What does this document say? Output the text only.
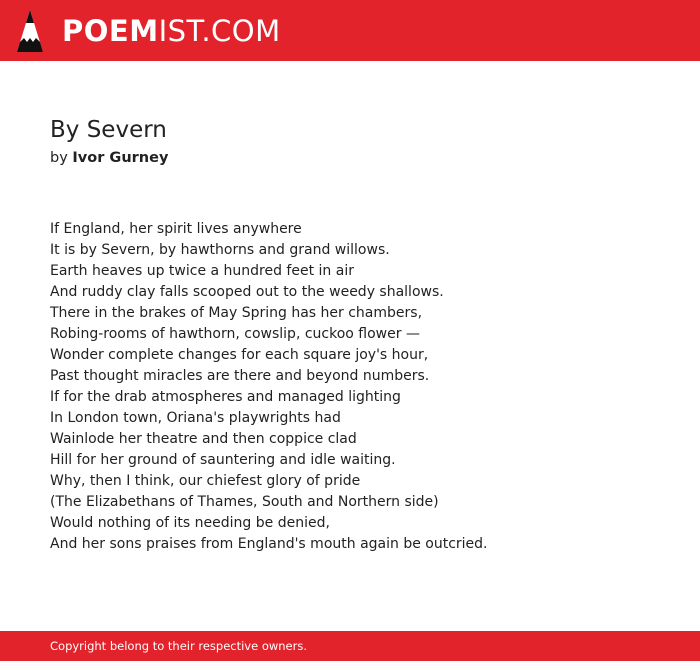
POEMIST.COM
By Severn
by Ivor Gurney
If England, her spirit lives anywhere
It is by Severn, by hawthorns and grand willows.
Earth heaves up twice a hundred feet in air
And ruddy clay falls scooped out to the weedy shallows.
There in the brakes of May Spring has her chambers,
Robing-rooms of hawthorn, cowslip, cuckoo flower —
Wonder complete changes for each square joy's hour,
Past thought miracles are there and beyond numbers.
If for the drab atmospheres and managed lighting
In London town, Oriana's playwrights had
Wainlode her theatre and then coppice clad
Hill for her ground of sauntering and idle waiting.
Why, then I think, our chiefest glory of pride
(The Elizabethans of Thames, South and Northern side)
Would nothing of its needing be denied,
And her sons praises from England's mouth again be outcried.
Copyright belong to their respective owners.
